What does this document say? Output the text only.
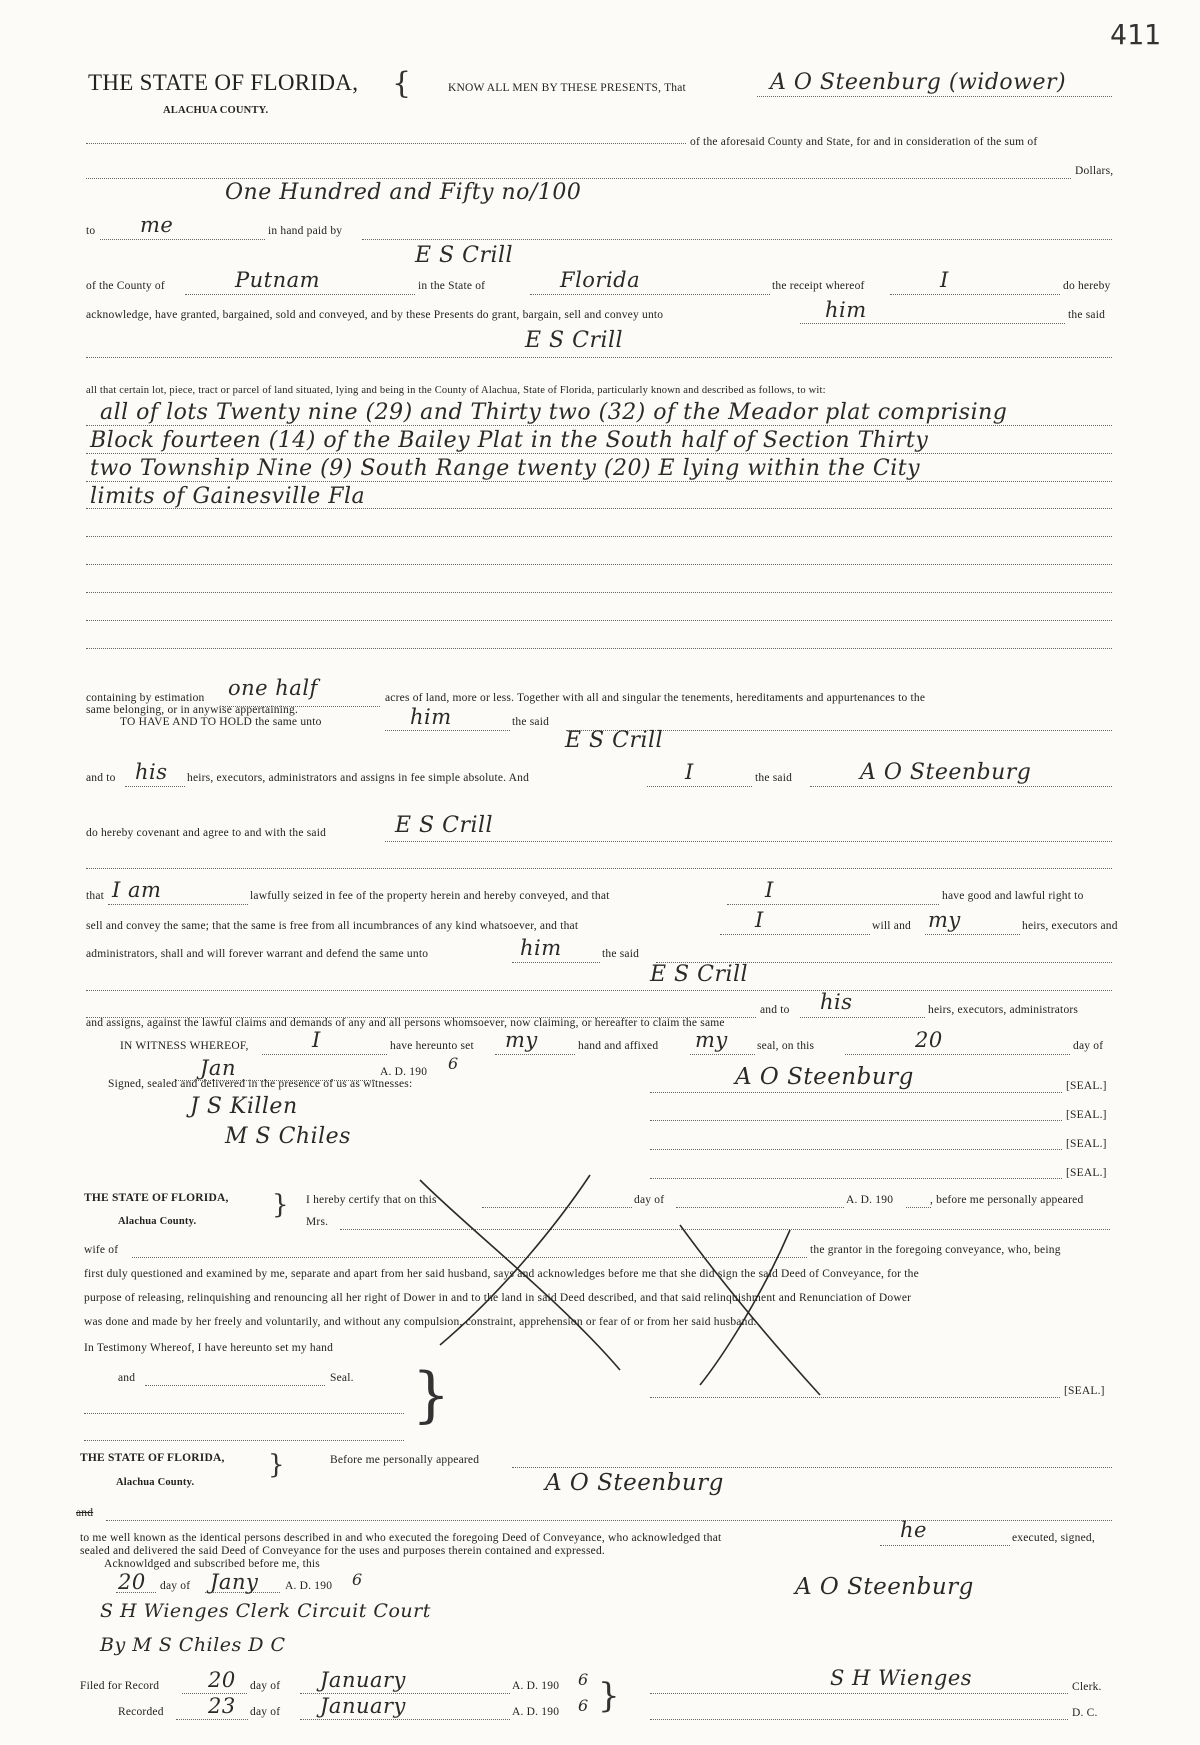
411
THE STATE OF FLORIDA, {
ALACHUA COUNTY.
KNOW ALL MEN BY THESE PRESENTS, That	A O Steenburg (widower)
of the aforesaid County and State, for and in consideration of the sum of
Dollars,
One Hundred and Fifty no/100
to me	in hand paid by
E S Crill
of the County of	Putnam	in the State of	Florida	the receipt whereof	I	do hereby
acknowledge, have granted, bargained, sold and conveyed, and by these Presents do grant, bargain, sell and convey unto	him	the said
E S Crill
all that certain lot, piece, tract or parcel of land situated, lying and being in the County of Alachua, State of Florida, particularly known and described as follows, to wit:
all of lots Twenty nine (29) and Thirty two (32) of the Meador plat comprising
Block fourteen (14) of the Bailey Plat in the South half of Section Thirty
two Township Nine (9) South Range twenty (20) E lying within the City
limits of Gainesville Fla
containing by estimation one half	acres of land, more or less. Together with all and singular the tenements, hereditaments and appurtenances to the
same belonging, or in anywise appertaining.
TO HAVE AND TO HOLD the same unto	him	the said
E S Crill
and to his heirs, executors, administrators and assigns in fee simple absolute. And	I	the said	A O Steenburg
do hereby covenant and agree to and with the said	E S Crill
that I am	lawfully seized in fee of the property herein and hereby conveyed, and that	I	have good and lawful right to
sell and convey the same; that the same is free from all incumbrances of any kind whatsoever, and that	I	will and my	heirs, executors and
administrators, shall and will forever warrant and defend the same unto	him	the said
E S Crill
and to his	heirs, executors, administrators
and assigns, against the lawful claims and demands of any and all persons whomsoever, now claiming, or hereafter to claim the same
IN WITNESS WHEREOF,	I	have hereunto set my	hand and affixed my	seal, on this	20	day of
Jan	A. D. 190 6
Signed, sealed and delivered in the presence of us as witnesses:	A O Steenburg	[SEAL.]
[SEAL.]
[SEAL.]
[SEAL.]
J S Killen
M S Chiles
THE STATE OF FLORIDA,
Alachua County.
} I hereby certify that on this	day of	A. D. 190	, before me personally appeared
Mrs.
wife of	the grantor in the foregoing conveyance, who, being
first duly questioned and examined by me, separate and apart from her said husband, says and acknowledges before me that she did sign the said Deed of Conveyance, for the
purpose of releasing, relinquishing and renouncing all her right of Dower in and to the land in said Deed described, and that said relinquishment and Renunciation of Dower
was done and made by her freely and voluntarily, and without any compulsion, constraint, apprehension or fear of or from her said husband.
In Testimony Whereof, I have hereunto set my hand
and	Seal. }	[SEAL.]
THE STATE OF FLORIDA,
Alachua County.
}	Before me personally appeared
A O Steenburg
and
to me well known as the identical persons described in and who executed the foregoing Deed of Conveyance, who acknowledged that	he	executed, signed,
sealed and delivered the said Deed of Conveyance for the uses and purposes therein contained and expressed.
Acknowldged and subscribed before me, this
20 day of Jany A. D. 190 6
S H Wienges Clerk Circuit Court
By M S Chiles D C
A O Steenburg
Filed for Record 20 day of January	A. D. 190 6
Recorded 23 day of January	A. D. 190 6 }	S H Wienges	Clerk.
D. C.
